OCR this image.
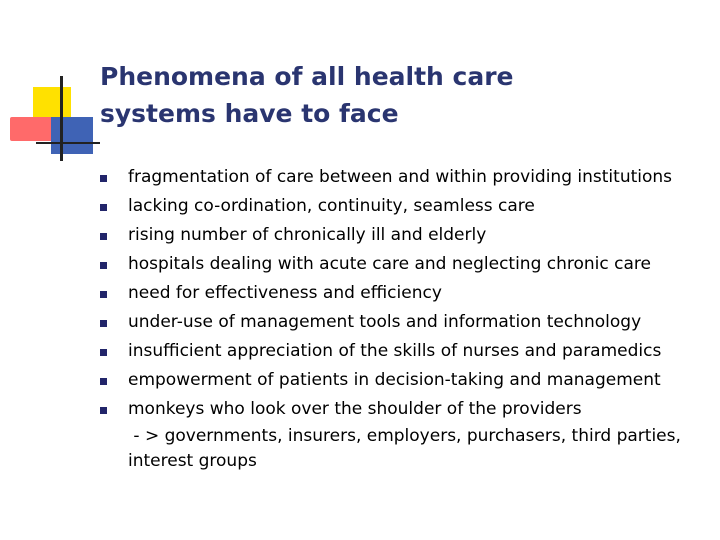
Phenomena of all health care
systems have to face
fragmentation of care between and within providing institutions
lacking co-ordination, continuity, seamless care
rising number of chronically ill and elderly
hospitals dealing with acute care and neglecting chronic care
need for effectiveness and efficiency
under-use of management tools and information technology
insufficient appreciation of the skills of nurses and paramedics
empowerment of patients in decision-taking and management
monkeys who look over the shoulder of the providers
- > governments, insurers, employers, purchasers, third parties,
interest groups
